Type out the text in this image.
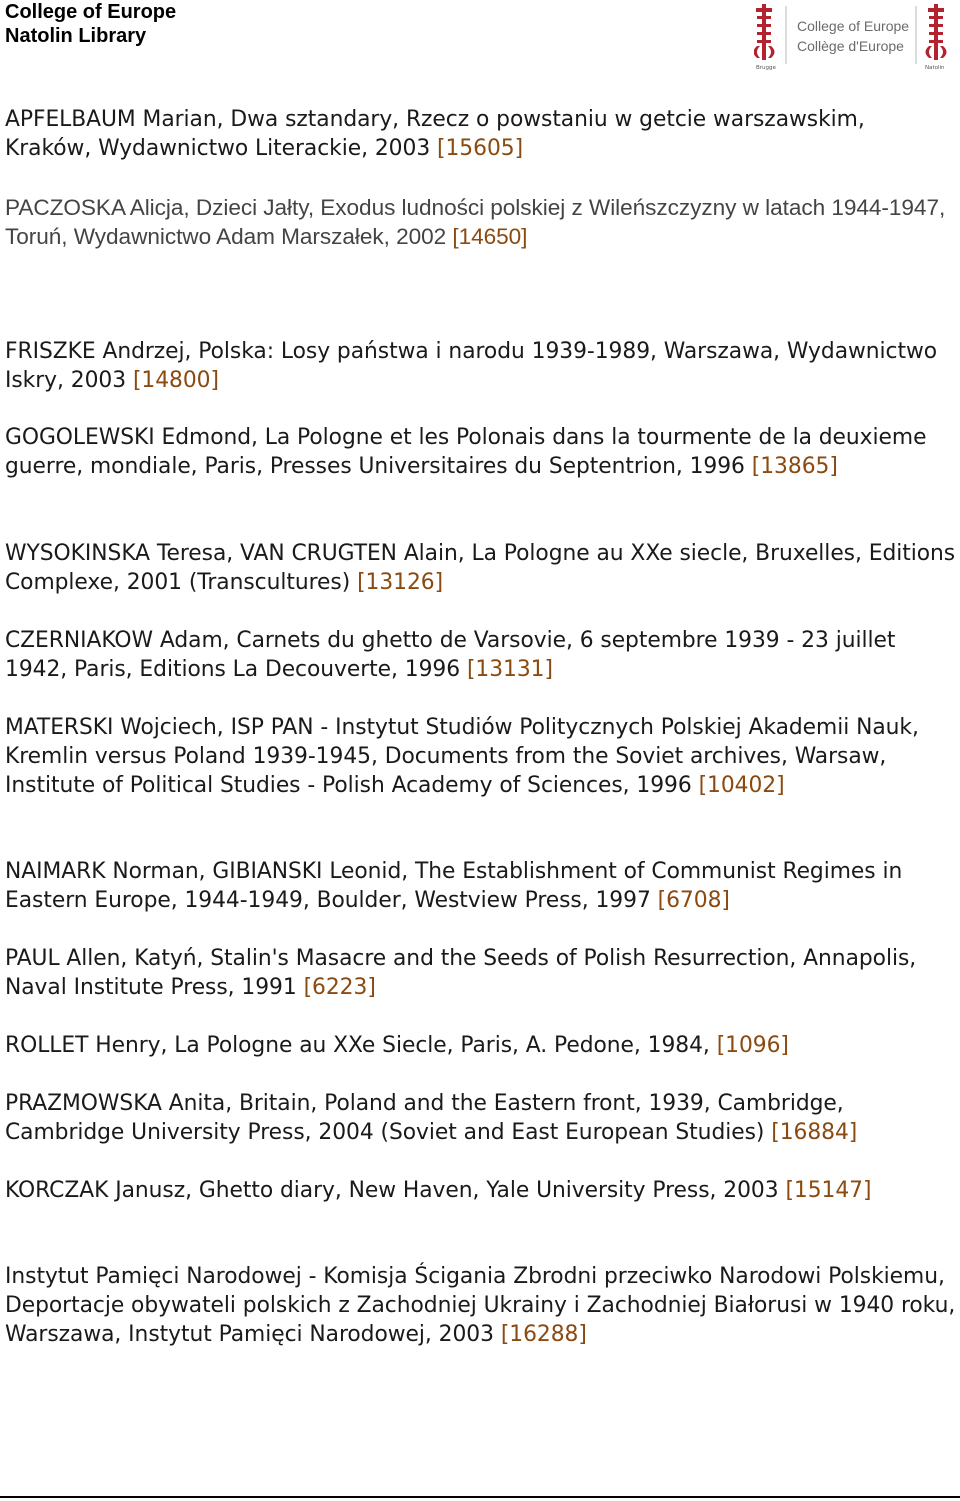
College of Europe
Natolin Library
Brugge
College of Europe
Collège d'Europe
Natolin

APFELBAUM Marian, Dwa sztandary, Rzecz o powstaniu w getcie warszawskim, Kraków, Wydawnictwo Literackie, 2003 [15605]

PACZOSKA Alicja, Dzieci Jałty, Exodus ludności polskiej z Wileńszczyzny w latach 1944-1947, Toruń, Wydawnictwo Adam Marszałek, 2002 [14650]

FRISZKE Andrzej, Polska: Losy państwa i narodu 1939-1989, Warszawa, Wydawnictwo Iskry, 2003 [14800]

GOGOLEWSKI Edmond, La Pologne et les Polonais dans la tourmente de la deuxieme guerre, mondiale, Paris, Presses Universitaires du Septentrion, 1996 [13865]

WYSOKINSKA Teresa, VAN CRUGTEN Alain, La Pologne au XXe siecle, Bruxelles, Editions Complexe, 2001 (Transcultures) [13126]

CZERNIAKOW Adam, Carnets du ghetto de Varsovie, 6 septembre 1939 - 23 juillet 1942, Paris, Editions La Decouverte, 1996 [13131]

MATERSKI Wojciech, ISP PAN - Instytut Studiów Politycznych Polskiej Akademii Nauk, Kremlin versus Poland 1939-1945, Documents from the Soviet archives, Warsaw, Institute of Political Studies - Polish Academy of Sciences, 1996 [10402]

NAIMARK Norman, GIBIANSKI Leonid, The Establishment of Communist Regimes in Eastern Europe, 1944-1949, Boulder, Westview Press, 1997 [6708]

PAUL Allen, Katyń, Stalin's Masacre and the Seeds of Polish Resurrection, Annapolis, Naval Institute Press, 1991 [6223]

ROLLET Henry, La Pologne au XXe Siecle, Paris, A. Pedone, 1984, [1096]

PRAZMOWSKA Anita, Britain, Poland and the Eastern front, 1939, Cambridge, Cambridge University Press, 2004 (Soviet and East European Studies) [16884]

KORCZAK Janusz, Ghetto diary, New Haven, Yale University Press, 2003 [15147]

Instytut Pamięci Narodowej - Komisja Ścigania Zbrodni przeciwko Narodowi Polskiemu, Deportacje obywateli polskich z Zachodniej Ukrainy i Zachodniej Białorusi w 1940 roku, Warszawa, Instytut Pamięci Narodowej, 2003 [16288]
